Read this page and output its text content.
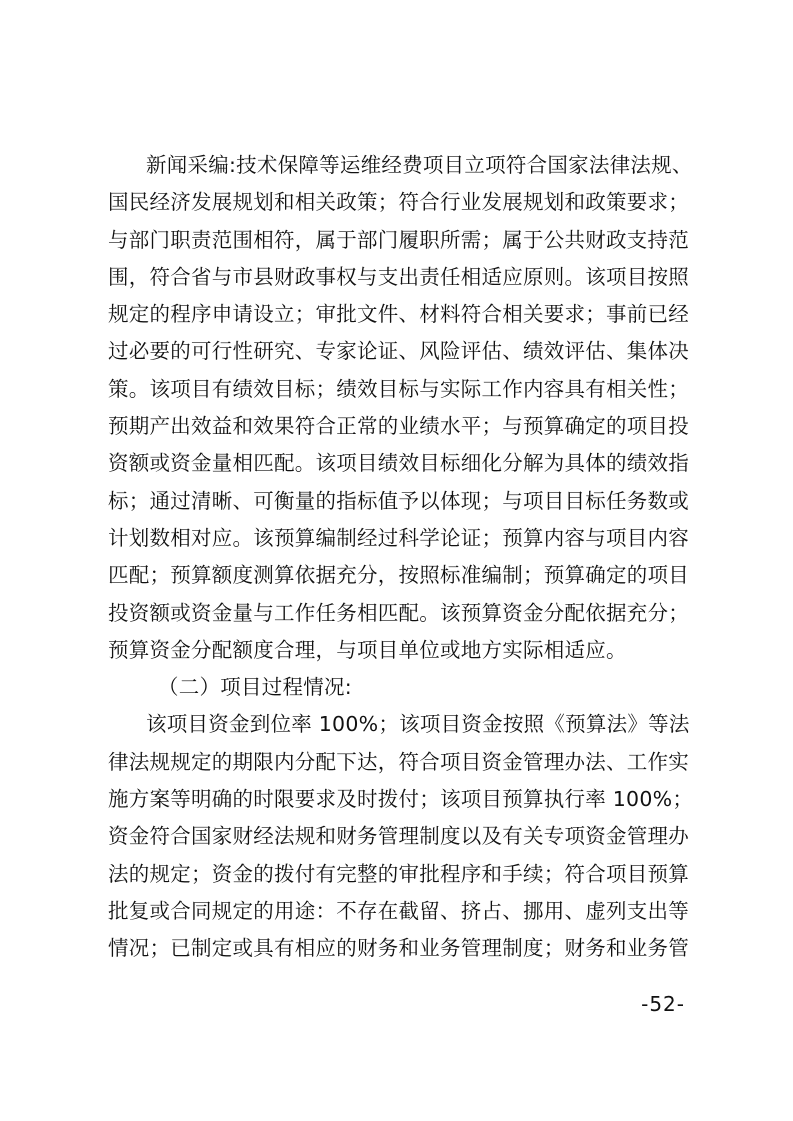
新闻采编:技术保障等运维经费项目立项符合国家法律法规、
国民经济发展规划和相关政策；符合行业发展规划和政策要求；
与部门职责范围相符，属于部门履职所需；属于公共财政支持范
围，符合省与市县财政事权与支出责任相适应原则。该项目按照
规定的程序申请设立；审批文件、材料符合相关要求；事前已经
过必要的可行性研究、专家论证、风险评估、绩效评估、集体决
策。该项目有绩效目标；绩效目标与实际工作内容具有相关性；
预期产出效益和效果符合正常的业绩水平；与预算确定的项目投
资额或资金量相匹配。该项目绩效目标细化分解为具体的绩效指
标；通过清晰、可衡量的指标值予以体现；与项目目标任务数或
计划数相对应。该预算编制经过科学论证；预算内容与项目内容
匹配；预算额度测算依据充分，按照标准编制；预算确定的项目
投资额或资金量与工作任务相匹配。该预算资金分配依据充分；
预算资金分配额度合理，与项目单位或地方实际相适应。
（二）项目过程情况:
该项目资金到位率 100%；该项目资金按照《预算法》等法
律法规规定的期限内分配下达，符合项目资金管理办法、工作实
施方案等明确的时限要求及时拨付；该项目预算执行率 100%；
资金符合国家财经法规和财务管理制度以及有关专项资金管理办
法的规定；资金的拨付有完整的审批程序和手续；符合项目预算
批复或合同规定的用途：不存在截留、挤占、挪用、虚列支出等
情况；已制定或具有相应的财务和业务管理制度；财务和业务管
-52-
